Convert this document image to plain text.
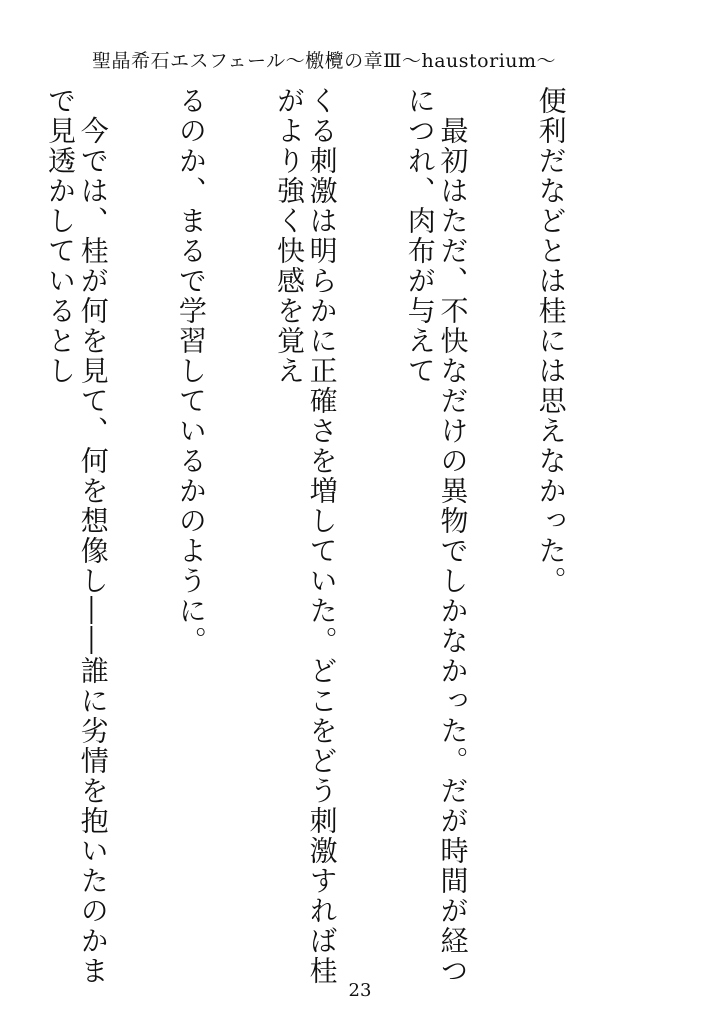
聖晶希石エスフェール〜檄欖の章Ⅲ〜haustorium〜

便利だなどとは桂には思えなかった。

　最初はただ、不快なだけの異物でしかなかった。だが時間が経つにつれ、肉布が与えて

くる刺激は明らかに正確さを増していた。どこをどう刺激すれば桂がより強く快感を覚え

るのか、まるで学習しているかのように。

　今では、桂が何を見て、何を想像し――誰に劣情を抱いたのかまで見透かしているとし

23
